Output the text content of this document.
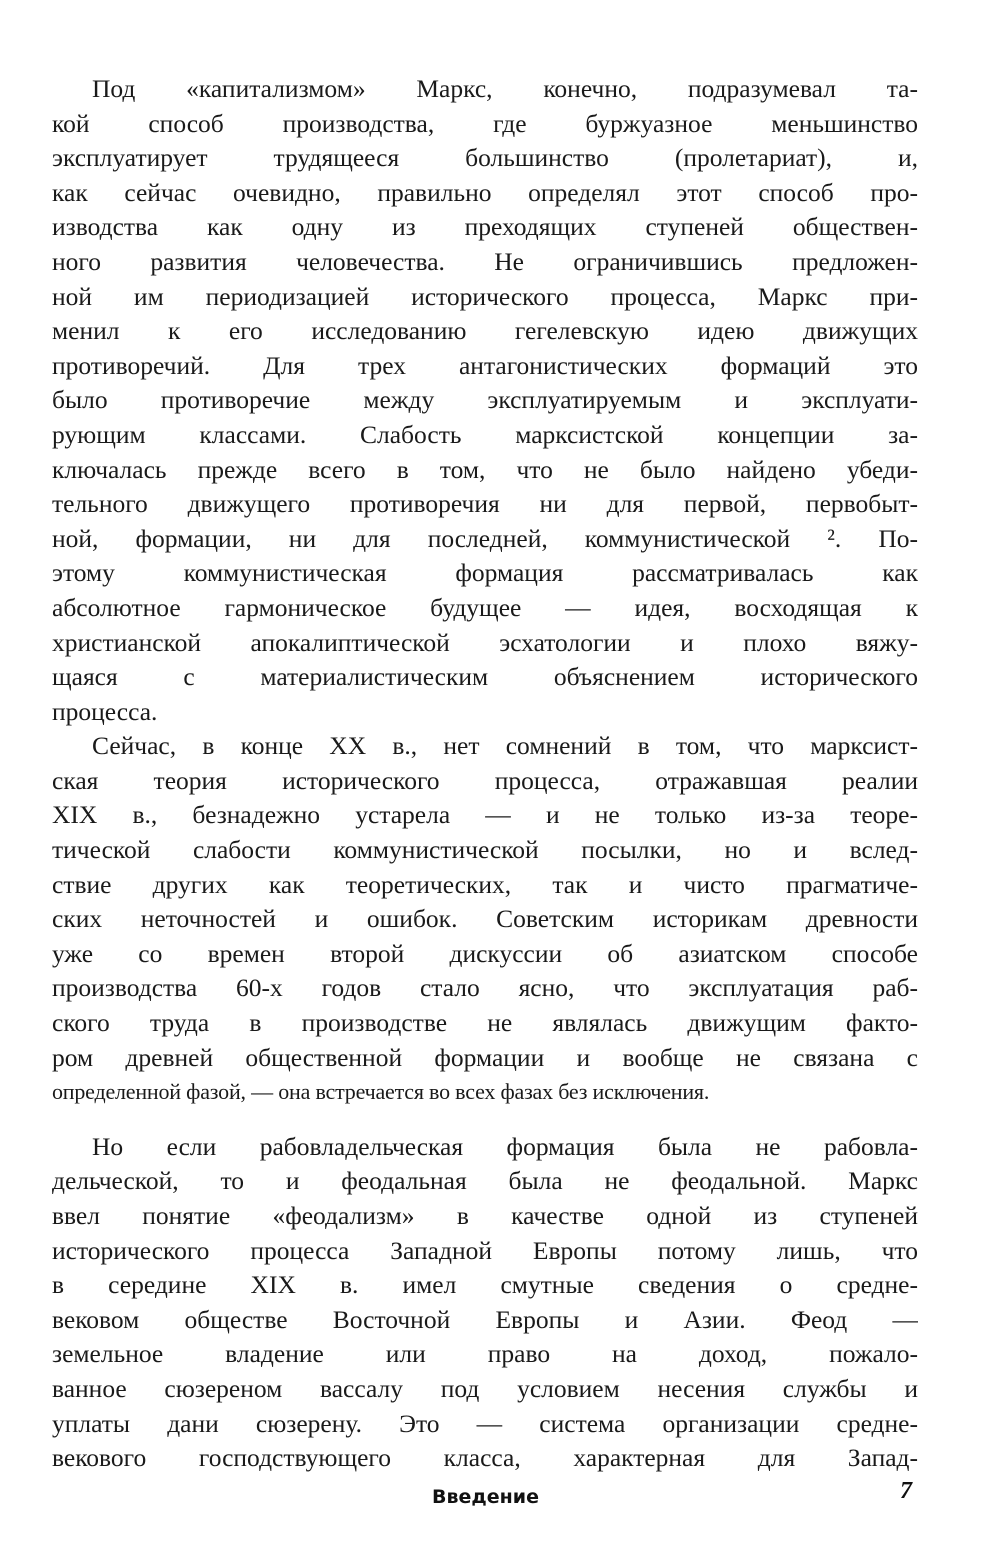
Под «капитализмом» Маркс, конечно, подразумевал та-
кой способ производства, где буржуазное меньшинство
эксплуатирует трудящееся большинство (пролетариат), и,
как сейчас очевидно, правильно определял этот способ про-
изводства как одну из преходящих ступеней обществен-
ного развития человечества. Не ограничившись предложен-
ной им периодизацией исторического процесса, Маркс при-
менил к его исследованию гегелевскую идею движущих
противоречий. Для трех антагонистических формаций это
было противоречие между эксплуатируемым и эксплуати-
рующим классами. Слабость марксистской концепции за-
ключалась прежде всего в том, что не было найдено убеди-
тельного движущего противоречия ни для первой, первобыт-
ной, формации, ни для последней, коммунистической ². По-
этому коммунистическая формация рассматривалась как
абсолютное гармоническое будущее — идея, восходящая к
христианской апокалиптической эсхатологии и плохо вяжу-
щаяся с материалистическим объяснением исторического
процесса.
Сейчас, в конце XX в., нет сомнений в том, что марксист-
ская теория исторического процесса, отражавшая реалии
XIX в., безнадежно устарела — и не только из-за теоре-
тической слабости коммунистической посылки, но и вслед-
ствие других как теоретических, так и чисто прагматиче-
ских неточностей и ошибок. Советским историкам древности
уже со времен второй дискуссии об азиатском способе
производства 60-х годов стало ясно, что эксплуатация раб-
ского труда в производстве не являлась движущим факто-
ром древней общественной формации и вообще не связана с
определенной фазой, — она встречается во всех фазах без исключения.
Но если рабовладельческая формация была не рабовла-
дельческой, то и феодальная была не феодальной. Маркс
ввел понятие «феодализм» в качестве одной из ступеней
исторического процесса Западной Европы потому лишь, что
в середине XIX в. имел смутные сведения о средне-
вековом обществе Восточной Европы и Азии. Феод —
земельное владение или право на доход, пожало-
ванное сюзереном вассалу под условием несения службы и
уплаты дани сюзерену. Это — система организации средне-
векового господствующего класса, характерная для Запад-
Введение	7
